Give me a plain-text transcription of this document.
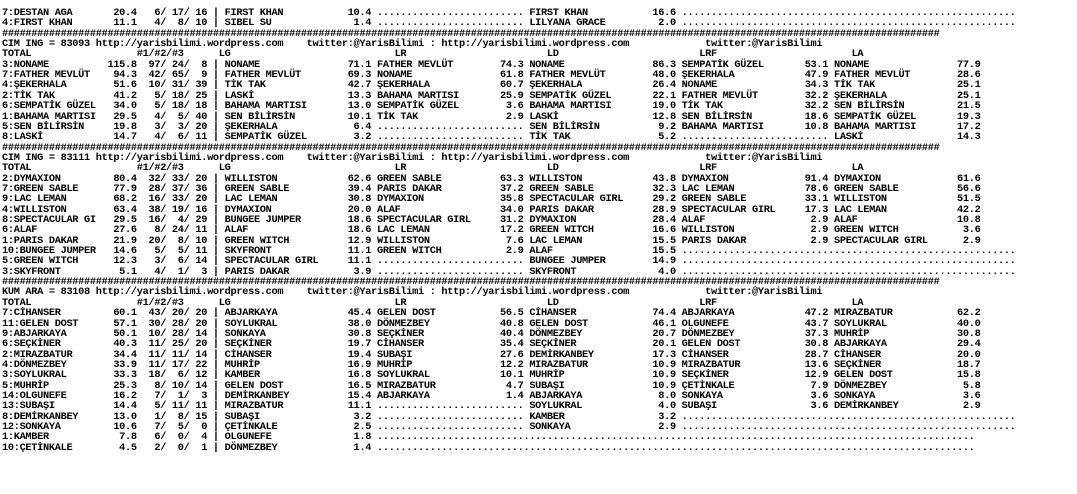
7:DESTAN AGA       20.4   6/ 17/ 16 | FIRST KHAN           10.4 ......................... FIRST KHAN           16.6 .........................................................
4:FIRST KHAN       11.1   4/  8/ 10 | SIBEL SU              1.4 ......................... LILYANA GRACE         2.0 .........................................................
################################################################################################################################################################
CIM ING = 83093 http://yarisbilimi.wordpress.com    twitter:@YarisBilimi : http://yarisbilimi.wordpress.com             twitter:@YarisBilimi
TOTAL                  #1/#2/#3      LG                            LR                        LD                        LRF                       LA
3:NONAME          115.8  97/ 24/  8 | NONAME               71.1 FATHER MEVLÜT        74.3 NONAME               86.3 SEMPATİK GÜZEL       53.1 NONAME               77.9
7:FATHER MEVLÜT    94.3  42/ 65/  9 | FATHER MEVLÜT        69.3 NONAME               61.8 FATHER MEVLÜT        48.0 ŞEKERHALA            47.9 FATHER MEVLÜT        28.6
4:ŞEKERHALA        51.6  10/ 31/ 39 | TİK TAK              42.7 ŞEKERHALA            60.7 ŞEKERHALA            26.4 NONAME               34.3 TİK TAK              25.1
2:TİK TAK          41.2   5/ 18/ 25 | LASKİ                13.3 BAHAMA MARTISI       25.9 SEMPATİK GÜZEL       22.1 FATHER MEVLÜT        32.2 ŞEKERHALA            25.1
6:SEMPATİK GÜZEL   34.0   5/ 18/ 18 | BAHAMA MARTISI       13.0 SEMPATİK GÜZEL        3.6 BAHAMA MARTISI       19.0 TİK TAK              32.2 SEN BİLİRSİN         21.5
1:BAHAMA MARTISI   29.5   4/  5/ 40 | SEN BİLİRSİN         10.1 TİK TAK               2.9 LASKİ                12.8 SEN BİLİRSİN         18.6 SEMPATİK GÜZEL       19.3
5:SEN BİLİRSİN     19.8   3/  3/ 20 | ŞEKERHALA             6.4 ......................... SEN BİLİRSİN          9.2 BAHAMA MARTISI       10.8 BAHAMA MARTISI       17.2
8:LASKİ            14.7   4/  6/ 11 | SEMPATİK GÜZEL        3.2 ......................... TİK TAK               5.2 ......................... LASKİ                14.3
################################################################################################################################################################
CIM ING = 83111 http://yarisbilimi.wordpress.com    twitter:@YarisBilimi : http://yarisbilimi.wordpress.com             twitter:@YarisBilimi
TOTAL                  #1/#2/#3      LG                            LR                        LD                        LRF                       LA
2:DYMAXION         80.4  32/ 33/ 20 | WILLISTON            62.6 GREEN SABLE          63.3 WILLISTON            43.8 DYMAXION             91.4 DYMAXION             61.6
7:GREEN SABLE      77.9  28/ 37/ 36 | GREEN SABLE          39.4 PARIS DAKAR          37.2 GREEN SABLE          32.3 LAC LEMAN            78.6 GREEN SABLE          56.6
9:LAC LEMAN        68.2  16/ 33/ 20 | LAC LEMAN            30.8 DYMAXION             35.8 SPECTACULAR GIRL     29.2 GREEN SABLE          33.1 WILLISTON            51.5
4:WILLISTON        63.4  38/ 19/ 16 | DYMAXION             20.0 ALAF                 34.0 PARIS DAKAR          28.9 SPECTACULAR GIRL     17.3 LAC LEMAN            42.2
8:SPECTACULAR GI   29.5  16/  4/ 29 | BUNGEE JUMPER        18.6 SPECTACULAR GIRL     31.2 DYMAXION             28.4 ALAF                  2.9 ALAF                 10.8
6:ALAF             27.6   8/ 24/ 11 | ALAF                 18.6 LAC LEMAN            17.2 GREEN WITCH          16.6 WILLISTON             2.9 GREEN WITCH           3.6
1:PARIS DAKAR      21.9  20/  8/ 10 | GREEN WITCH          12.9 WILLISTON             7.6 LAC LEMAN            15.5 PARIS DAKAR           2.9 SPECTACULAR GIRL      2.9
10:BUNGEE JUMPER   14.6   5/  5/ 11 | SKYFRONT             11.1 GREEN WITCH           2.9 ALAF                 15.5 .........................................................
5:GREEN WITCH      12.3   3/  6/ 14 | SPECTACULAR GIRL     11.1 ......................... BUNGEE JUMPER        14.9 .........................................................
3:SKYFRONT          5.1   4/  1/  3 | PARIS DAKAR           3.9 ......................... SKYFRONT              4.0 .........................................................
################################################################################################################################################################
KUM ARA = 83108 http://yarisbilimi.wordpress.com    twitter:@YarisBilimi : http://yarisbilimi.wordpress.com             twitter:@YarisBilimi
TOTAL                  #1/#2/#3      LG                            LR                        LD                        LRF                       LA
7:CİHANSER         60.1  43/ 20/ 20 | ABJARKAYA            45.4 GELEN DOST           56.5 CİHANSER             74.4 ABJARKAYA            47.2 MIRAZBATUR           62.2
11:GELEN DOST      57.1  30/ 28/ 20 | SOYLUKRAL            38.0 DÖNMEZBEY            40.8 GELEN DOST           46.1 OLGUNEFE             43.7 SOYLUKRAL            40.0
9:ABJARKAYA        50.1  10/ 28/ 14 | SONKAYA              30.8 SEÇKİNER             40.4 DÖNMEZBEY            20.7 DÖNMEZBEY            37.3 MUHRİP               30.8
6:SEÇKİNER         40.3  11/ 25/ 20 | SEÇKİNER             19.7 CİHANSER             35.4 SEÇKİNER             20.1 GELEN DOST           30.8 ABJARKAYA            29.4
2:MIRAZBATUR       34.4  11/ 11/ 14 | CİHANSER             19.4 SUBAŞI               27.6 DEMİRKANBEY          17.3 CİHANSER             28.7 CİHANSER             20.0
4:DÖNMEZBEY        33.9  11/ 17/ 22 | MUHRİP               16.9 MUHRİP               12.2 MIRAZBATUR           10.9 MIRAZBATUR           13.6 SEÇKİNER             18.7
3:SOYLUKRAL        33.3  18/  6/ 12 | KAMBER               16.8 SOYLUKRAL            10.1 MUHRİP               10.9 SEÇKİNER             12.9 GELEN DOST           15.8
5:MUHRİP           25.3   8/ 10/ 14 | GELEN DOST           16.5 MIRAZBATUR            4.7 SUBAŞI               10.9 ÇETİNKALE             7.9 DÖNMEZBEY             5.8
14:OLGUNEFE        16.2   7/  1/  3 | DEMİRKANBEY          15.4 ABJARKAYA             1.4 ABJARKAYA             8.0 SONKAYA               3.6 SONKAYA               3.6
13:SUBAŞI          14.4   5/ 11/ 11 | MIRAZBATUR           11.1 ......................... SOYLUKRAL             4.0 SUBAŞI                3.6 DEMİRKANBEY           2.9
8:DEMİRKANBEY      13.0   1/  8/ 15 | SUBAŞI                3.2 ......................... KAMBER                3.2 .........................................................
12:SONKAYA         10.6   7/  5/  0 | ÇETİNKALE             2.5 ......................... SONKAYA               2.9 .........................................................
1:KAMBER            7.8   6/  0/  4 | OLGUNEFE              1.8 ......................................................................................................
10:ÇETİNKALE        4.5   2/  0/  1 | DÖNMEZBEY             1.4 ......................................................................................................
